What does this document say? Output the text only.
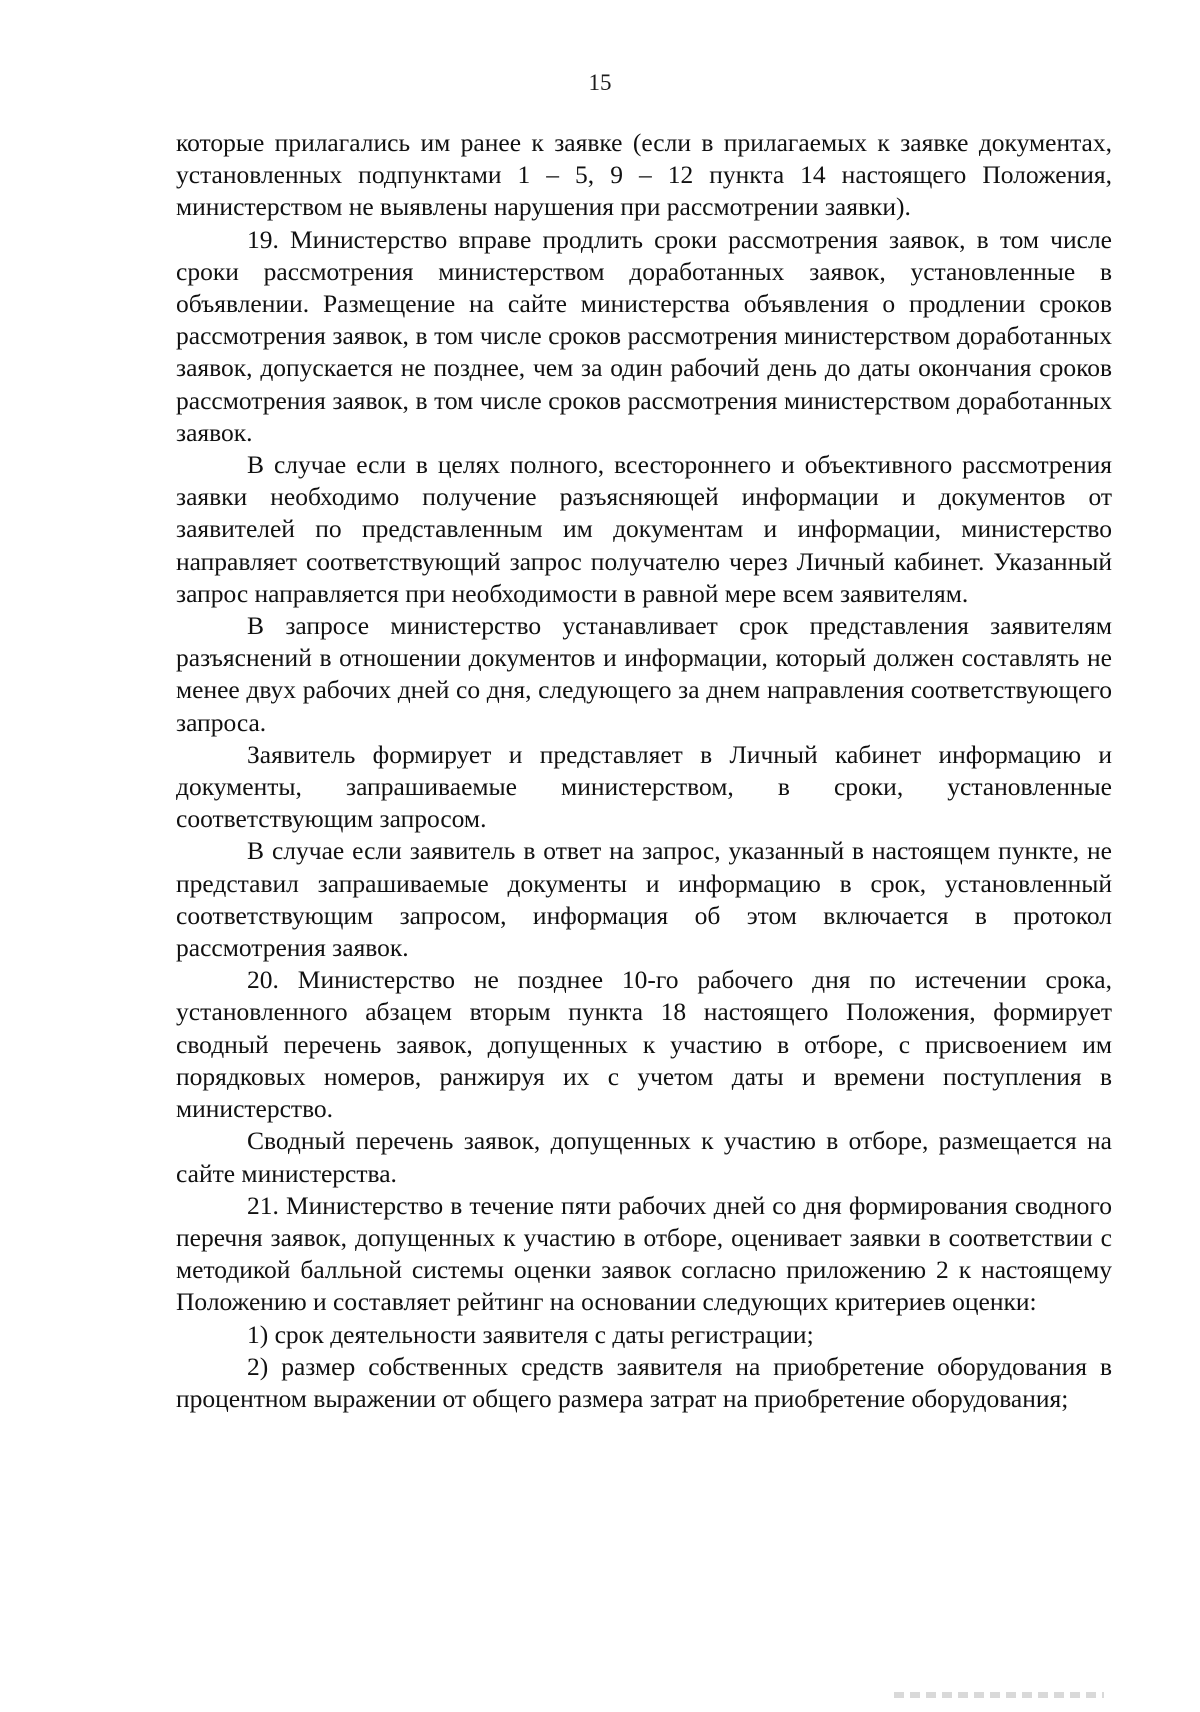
15

которые прилагались им ранее к заявке (если в прилагаемых к заявке документах, установленных подпунктами 1 – 5, 9 – 12 пункта 14 настоящего Положения, министерством не выявлены нарушения при рассмотрении заявки).

19. Министерство вправе продлить сроки рассмотрения заявок, в том числе сроки рассмотрения министерством доработанных заявок, установленные в объявлении. Размещение на сайте министерства объявления о продлении сроков рассмотрения заявок, в том числе сроков рассмотрения министерством доработанных заявок, допускается не позднее, чем за один рабочий день до даты окончания сроков рассмотрения заявок, в том числе сроков рассмотрения министерством доработанных заявок.

В случае если в целях полного, всестороннего и объективного рассмотрения заявки необходимо получение разъясняющей информации и документов от заявителей по представленным им документам и информации, министерство направляет соответствующий запрос получателю через Личный кабинет. Указанный запрос направляется при необходимости в равной мере всем заявителям.

В запросе министерство устанавливает срок представления заявителям разъяснений в отношении документов и информации, который должен составлять не менее двух рабочих дней со дня, следующего за днем направления соответствующего запроса.

Заявитель формирует и представляет в Личный кабинет информацию и документы, запрашиваемые министерством, в сроки, установленные соответствующим запросом.

В случае если заявитель в ответ на запрос, указанный в настоящем пункте, не представил запрашиваемые документы и информацию в срок, установленный соответствующим запросом, информация об этом включается в протокол рассмотрения заявок.

20. Министерство не позднее 10-го рабочего дня по истечении срока, установленного абзацем вторым пункта 18 настоящего Положения, формирует сводный перечень заявок, допущенных к участию в отборе, с присвоением им порядковых номеров, ранжируя их с учетом даты и времени поступления в министерство.

Сводный перечень заявок, допущенных к участию в отборе, размещается на сайте министерства.

21. Министерство в течение пяти рабочих дней со дня формирования сводного перечня заявок, допущенных к участию в отборе, оценивает заявки в соответствии с методикой балльной системы оценки заявок согласно приложению 2 к настоящему Положению и составляет рейтинг на основании следующих критериев оценки:

1) срок деятельности заявителя с даты регистрации;

2) размер собственных средств заявителя на приобретение оборудования в процентном выражении от общего размера затрат на приобретение оборудования;
